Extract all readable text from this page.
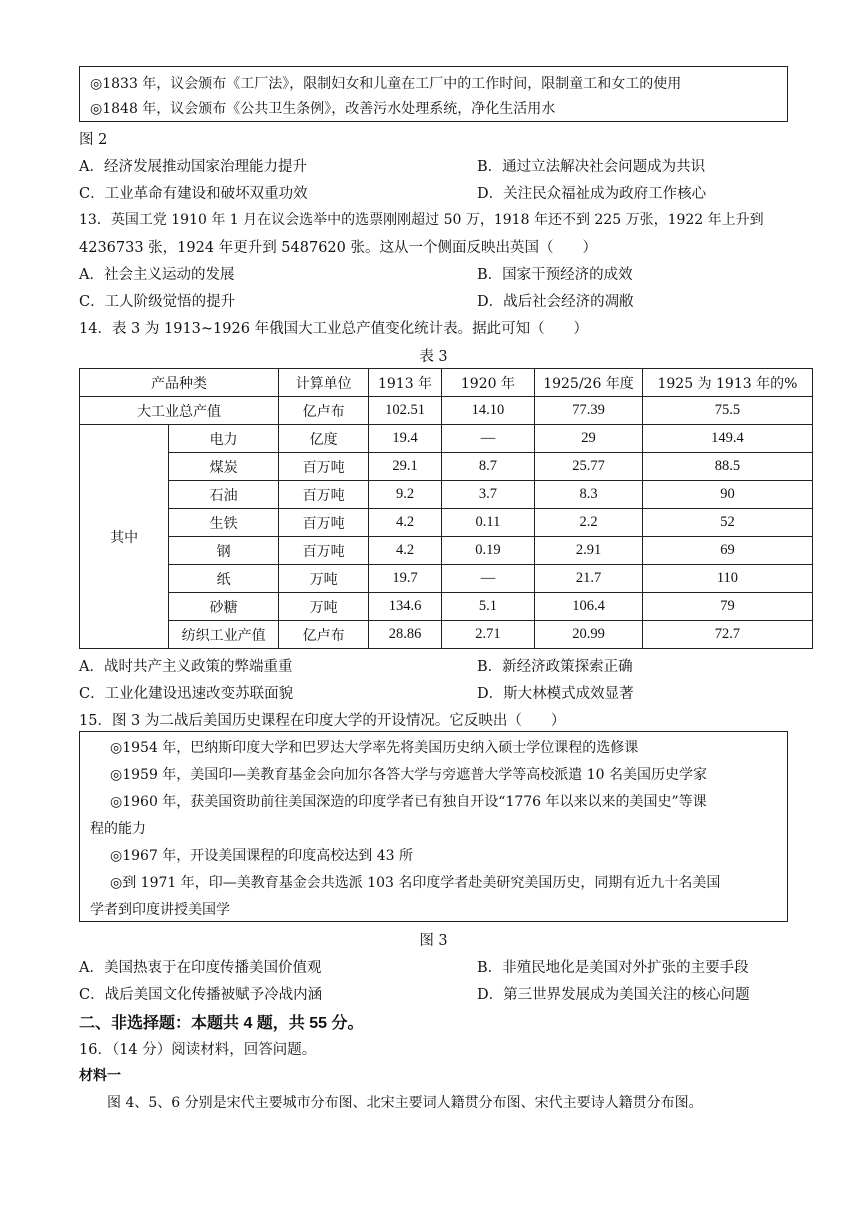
◎1833 年，议会颁布《工厂法》，限制妇女和儿童在工厂中的工作时间，限制童工和女工的使用
◎1848 年，议会颁布《公共卫生条例》，改善污水处理系统，净化生活用水
图 2
A．经济发展推动国家治理能力提升	B．通过立法解决社会问题成为共识
C．工业革命有建设和破坏双重功效	D．关注民众福祉成为政府工作核心
13．英国工党 1910 年 1 月在议会选举中的选票刚刚超过 50 万，1918 年还不到 225 万张，1922 年上升到
4236733 张，1924 年更升到 5487620 张。这从一个侧面反映出英国（　　）
A．社会主义运动的发展	B．国家干预经济的成效
C．工人阶级觉悟的提升	D．战后社会经济的凋敝
14．表 3 为 1913~1926 年俄国大工业总产值变化统计表。据此可知（　　）
表 3
产品种类		计算单位	1913 年	1920 年	1925/26 年度	1925 为 1913 年的%
大工业总产值		亿卢布	102.51	14.10	77.39	75.5
其中	电力	亿度	19.4	—	29	149.4
	煤炭	百万吨	29.1	8.7	25.77	88.5
	石油	百万吨	9.2	3.7	8.3	90
	生铁	百万吨	4.2	0.11	2.2	52
	钢	百万吨	4.2	0.19	2.91	69
	纸	万吨	19.7	—	21.7	110
	砂糖	万吨	134.6	5.1	106.4	79
	纺织工业产值	亿卢布	28.86	2.71	20.99	72.7
A．战时共产主义政策的弊端重重	B．新经济政策探索正确
C．工业化建设迅速改变苏联面貌	D．斯大林模式成效显著
15．图 3 为二战后美国历史课程在印度大学的开设情况。它反映出（　　）
◎1954 年，巴纳斯印度大学和巴罗达大学率先将美国历史纳入硕士学位课程的选修课
◎1959 年，美国印—美教育基金会向加尔各答大学与旁遮普大学等高校派遣 10 名美国历史学家
◎1960 年，获美国资助前往美国深造的印度学者已有独自开设“1776 年以来以来的美国史”等课
程的能力
◎1967 年，开设美国课程的印度高校达到 43 所
◎到 1971 年，印—美教育基金会共选派 103 名印度学者赴美研究美国历史，同期有近九十名美国
学者到印度讲授美国学
图 3
A．美国热衷于在印度传播美国价值观	B．非殖民地化是美国对外扩张的主要手段
C．战后美国文化传播被赋予冷战内涵	D．第三世界发展成为美国关注的核心问题
二、非选择题：本题共 4 题，共 55 分。
16．（14 分）阅读材料，回答问题。
材料一
图 4、5、6 分别是宋代主要城市分布图、北宋主要词人籍贯分布图、宋代主要诗人籍贯分布图。
